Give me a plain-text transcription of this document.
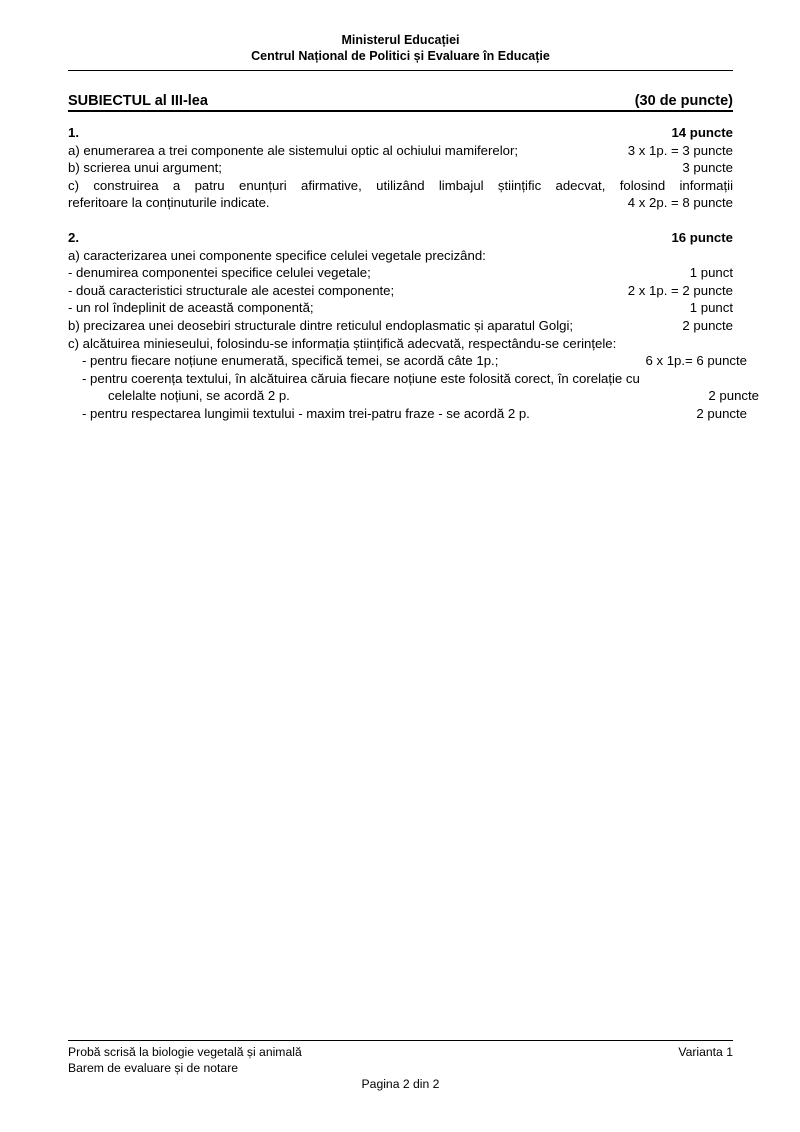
Ministerul Educației
Centrul Național de Politici și Evaluare în Educație
SUBIECTUL al III-lea	(30 de puncte)
1.	14 puncte
a) enumerarea a trei componente ale sistemului optic al ochiului mamiferelor;	3 x 1p. = 3 puncte
b) scrierea unui argument;	3 puncte
c) construirea a patru enunțuri afirmative, utilizând limbajul științific adecvat, folosind informații
referitoare la conținuturile indicate.	4 x 2p. = 8 puncte
2.	16 puncte
a) caracterizarea unei componente specifice celulei vegetale precizând:
- denumirea componentei specifice celulei vegetale;	1 punct
- două caracteristici structurale ale acestei componente;	2 x 1p. = 2 puncte
- un rol îndeplinit de această componentă;	1 punct
b) precizarea unei deosebiri structurale dintre reticulul endoplasmatic și aparatul Golgi;	2 puncte
c) alcătuirea minieseului, folosindu-se informația științifică adecvată, respectându-se cerințele:
- pentru fiecare noțiune enumerată, specifică temei, se acordă câte 1p.;	6 x 1p.= 6 puncte
- pentru coerența textului, în alcătuirea căruia fiecare noțiune este folosită corect, în corelație cu
celelalte noțiuni, se acordă 2 p.	2 puncte
- pentru respectarea lungimii textului - maxim trei-patru fraze - se acordă 2 p.	2 puncte
Probă scrisă la biologie vegetală și animală	Varianta 1
Barem de evaluare și de notare
Pagina 2 din 2
